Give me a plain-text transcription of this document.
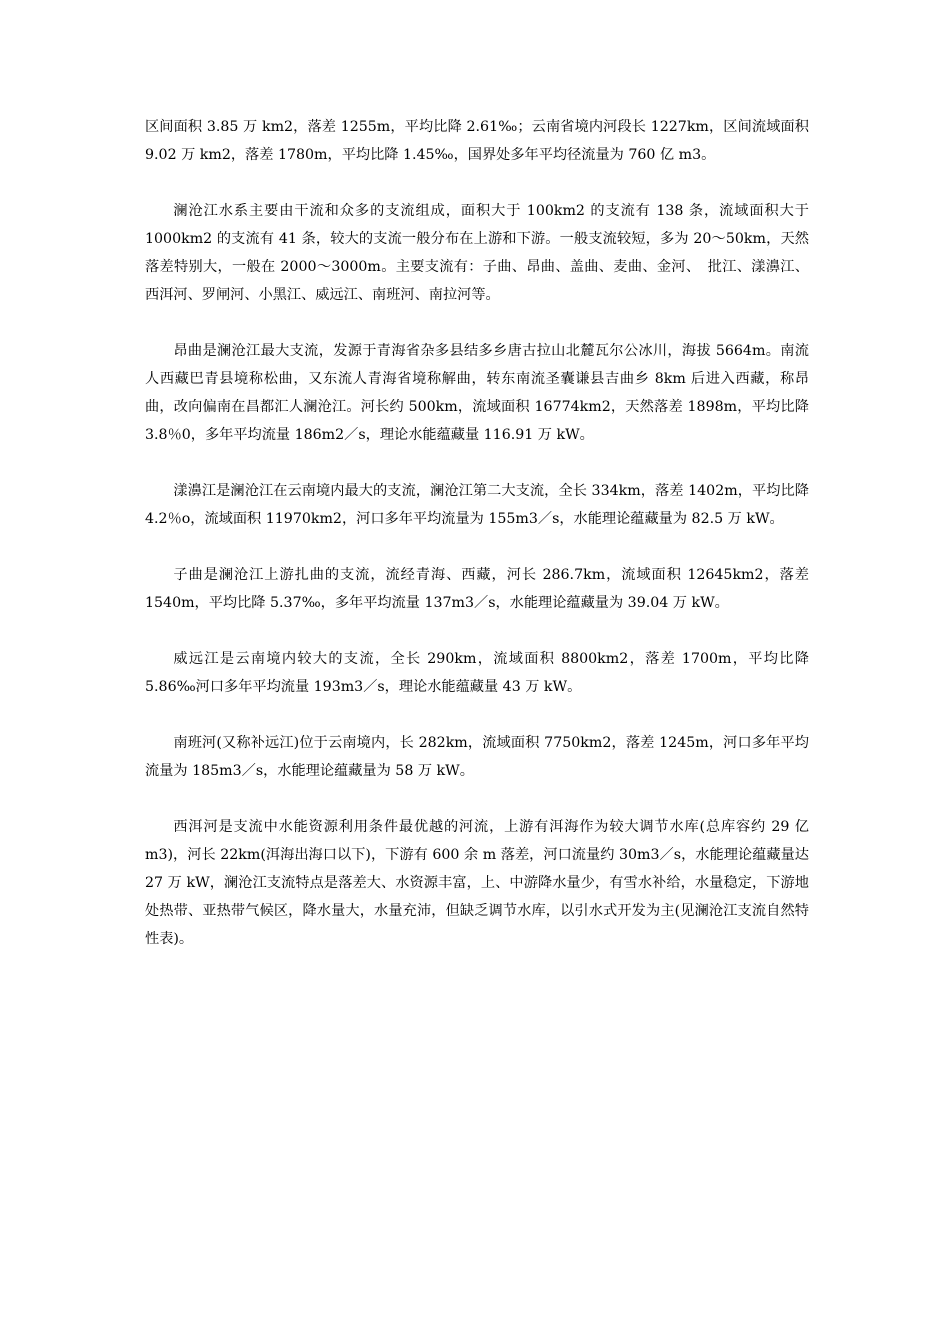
区间面积 3.85 万 km2，落差 1255m，平均比降 2.61‰；云南省境内河段长 1227km，区间流域面积 9.02 万 km2，落差 1780m，平均比降 1.45‰，国界处多年平均径流量为 760 亿 m3。

澜沧江水系主要由干流和众多的支流组成，面积大于 100km2 的支流有 138 条，流域面积大于 1000km2 的支流有 41 条，较大的支流一般分布在上游和下游。一般支流较短，多为 20～50km，天然落差特别大，一般在 2000～3000m。主要支流有：子曲、昂曲、盖曲、麦曲、金河、　批江、漾濞江、西洱河、罗闸河、小黑江、威远江、南班河、南拉河等。

昂曲是澜沧江最大支流，发源于青海省杂多县结多乡唐古拉山北麓瓦尔公冰川，海拔 5664m。南流人西藏巴青县境称松曲，又东流人青海省境称解曲，转东南流圣囊谦县吉曲乡 8km 后进入西藏，称昂曲，改向偏南在昌都汇人澜沧江。河长约 500km，流域面积 16774km2，天然落差 1898m，平均比降 3.8％0，多年平均流量 186m2／s，理论水能蕴藏量 116.91 万 kW。

漾濞江是澜沧江在云南境内最大的支流，澜沧江第二大支流，全长 334km，落差 1402m，平均比降 4.2％o，流域面积 11970km2，河口多年平均流量为 155m3／s，水能理论蕴藏量为 82.5 万 kW。

子曲是澜沧江上游扎曲的支流，流经青海、西藏，河长 286.7km，流域面积 12645km2，落差 1540m，平均比降 5.37‰，多年平均流量 137m3／s，水能理论蕴藏量为 39.04 万 kW。

威远江是云南境内较大的支流，全长 290km，流域面积 8800km2，落差 1700m，平均比降 5.86‰河口多年平均流量 193m3／s，理论水能蕴藏量 43 万 kW。

南班河(又称补远江)位于云南境内，长 282km，流域面积 7750km2，落差 1245m，河口多年平均流量为 185m3／s，水能理论蕴藏量为 58 万 kW。

西洱河是支流中水能资源利用条件最优越的河流，上游有洱海作为较大调节水库(总库容约 29 亿 m3)，河长 22km(洱海出海口以下)，下游有 600 余 m 落差，河口流量约 30m3／s，水能理论蕴藏量达 27 万 kW，澜沧江支流特点是落差大、水资源丰富，上、中游降水量少，有雪水补给，水量稳定，下游地处热带、亚热带气候区，降水量大，水量充沛，但缺乏调节水库，以引水式开发为主(见澜沧江支流自然特性表)。
